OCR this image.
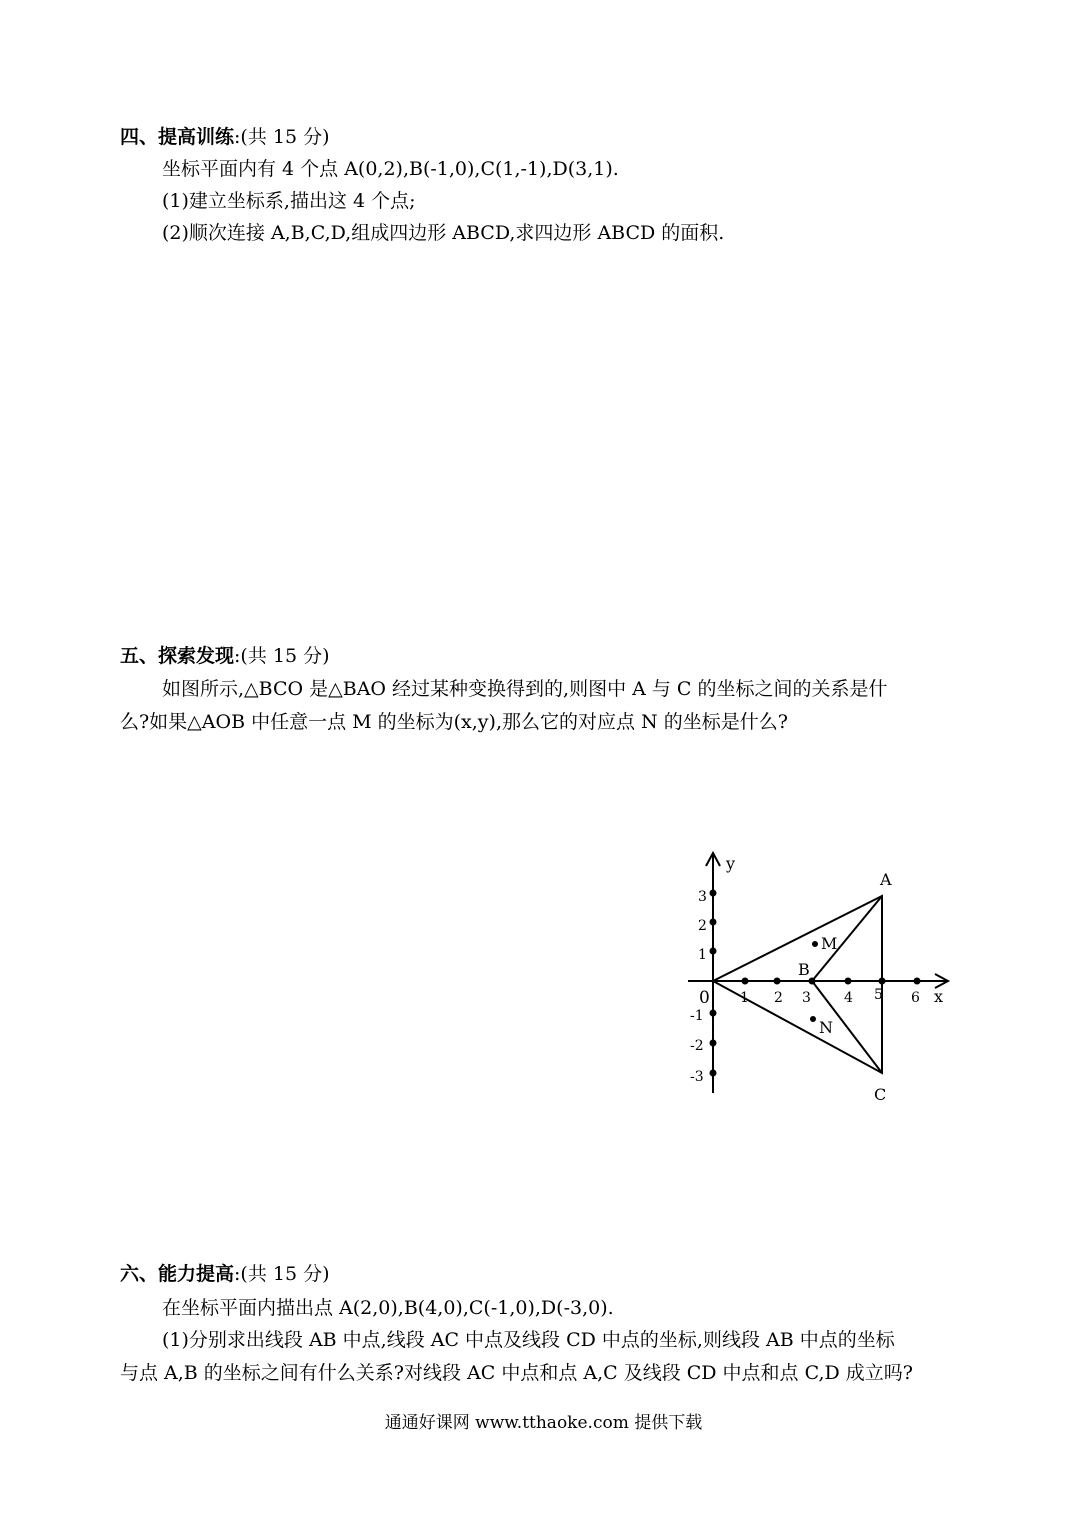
四、提高训练:(共 15 分)
坐标平面内有 4 个点 A(0,2),B(-1,0),C(1,-1),D(3,1).
(1)建立坐标系,描出这 4 个点;
(2)顺次连接 A,B,C,D,组成四边形 ABCD,求四边形 ABCD 的面积.
五、探索发现:(共 15 分)
如图所示,△BCO 是△BAO 经过某种变换得到的,则图中 A 与 C 的坐标之间的关系是什
么?如果△AOB 中任意一点 M 的坐标为(x,y),那么它的对应点 N 的坐标是什么?
y
x
0 1 2 3 4 5 6
3
2
1
-1
-2
-3
A
B
C
M
N
六、能力提高:(共 15 分)
在坐标平面内描出点 A(2,0),B(4,0),C(-1,0),D(-3,0).
(1)分别求出线段 AB 中点,线段 AC 中点及线段 CD 中点的坐标,则线段 AB 中点的坐标
与点 A,B 的坐标之间有什么关系?对线段 AC 中点和点 A,C 及线段 CD 中点和点 C,D 成立吗?
通通好课网 www.tthaoke.com 提供下载
